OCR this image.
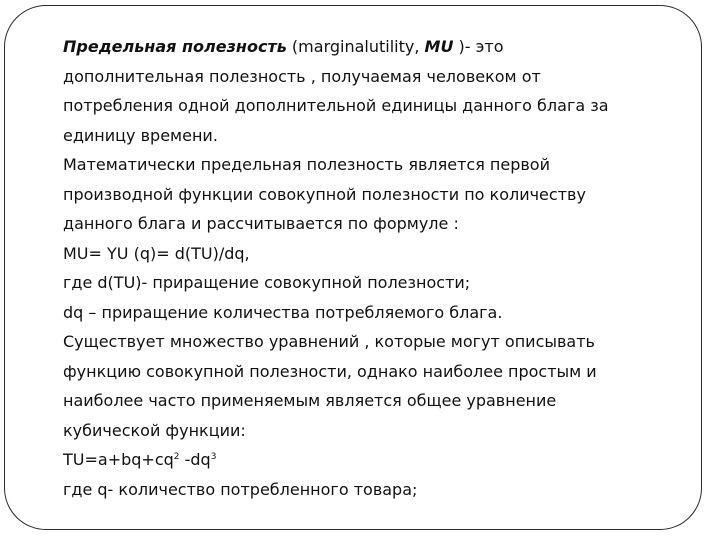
Предельная полезность (marginalutility, MU )- это
дополнительная полезность , получаемая человеком от
потребления одной дополнительной единицы данного блага за
единицу времени.
Математически предельная полезность является первой
производной функции совокупной полезности по количеству
данного блага и рассчитывается по формуле :
MU= YU (q)= d(TU)/dq,
где d(TU)- приращение совокупной полезности;
dq – приращение количества потребляемого блага.
Существует множество уравнений , которые могут описывать
функцию совокупной полезности, однако наиболее простым и
наиболее часто применяемым является общее уравнение
кубической функции:
$TU=a+bq+cq^2$ $-dq^3$
где q- количество потребленного товара;
